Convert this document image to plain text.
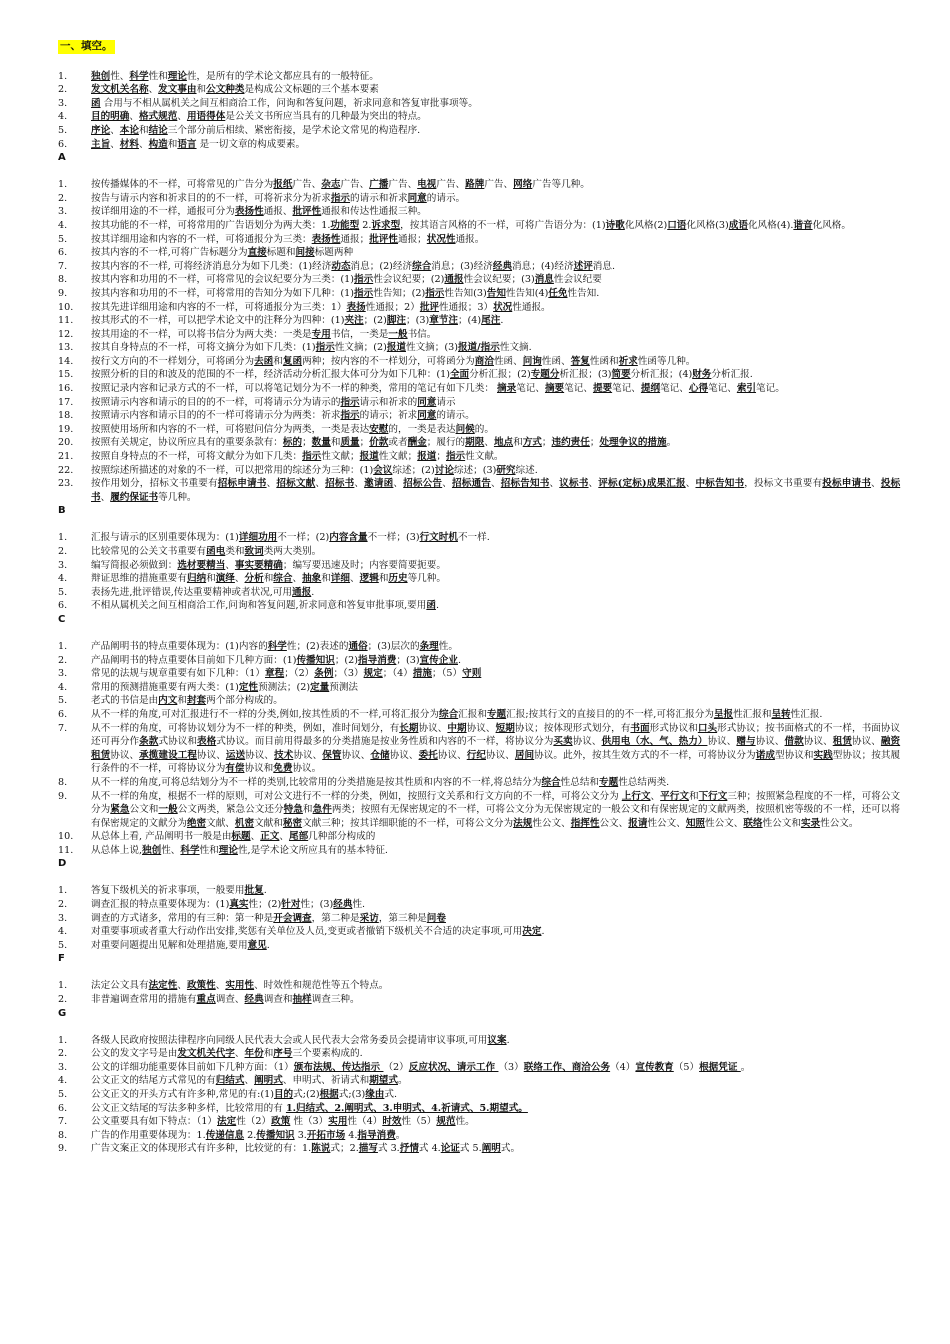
一、填空。
1.	独创性、科学性和理论性，是所有的学术论文都应具有的一般特征。
2.	发文机关名称、发文事由和公文种类是构成公文标题的三个基本要素
3.	函 合用与不相从属机关之间互相商洽工作，问询和答复问题，祈求同意和答复审批事项等。
4.	目的明确、格式规范、用语得体是公关文书所应当具有的几种最为突出的特点。
5.	序论、本论和结论三个部分前后相续、紧密衔接，是学术论文常见的构造程序.
6.	主旨、材料、构造和语言 是一切文章的构成要素。
A
1.	按传播媒体的不一样，可将常见的广告分为报纸广告、杂志广告、广播广告、电视广告、路牌广告、网络广告等几种。
2.	按告与请示内容和祈求目的的不一样，可将祈求分为祈求指示的请示和祈求同意的请示。
3.	按详细用途的不一样，通报可分为表扬性通报、批评性通报和传达性通报三种。
4.	按其功能的不一样，可将常用的广告语划分为两大类：1.功能型 2.诉求型，按其语言风格的不一样，可将广告语分为：(1)诗歌化风格(2)口语化风格(3)成语化风格(4).谐音化风格。
5.	按其详细用途和内容的不一样，可将通报分为三类：表扬性通报；批评性通报；状况性通报。
6.	按其内容的不一样,可将广告标题分为直接标题和间接标题两种
7.	按其内容的不一样, 可将经济消息分为如下几类：(1)经济动态消息；(2)经济综合消息；(3)经济经典消息；(4)经济述评消息.
8.	按其内容和功用的不一样，可将常见的会议纪要分为三类：(1)指示性会议纪要；(2)通报性会议纪要；(3)消息性会议纪要
9.	按其内容和功用的不一样，可将常用的告知分为如下几种：(1)指示性告知；(2)指示性告知(3)告知性告知(4)任免性告知.
10.	按其先进详细用途和内容的不一样，可将通报分为三类：1）表扬性通报；2）批评性通报；3）状况性通报。
11.	按其形式的不一样，可以把学术论文中的注释分为四种：(1)夹注；(2)脚注；(3)章节注；(4)尾注.
12.	按其用途的不一样，可以将书信分为两大类：一类是专用书信，一类是一般书信。
13.	按其自身特点的不一样，可将文摘分为如下几类：(1)指示性文摘；(2)报道性文摘；(3)报道/指示性文摘.
14.	按行文方向的不一样划分，可将函分为去函和复函两种；按内容的不一样划分，可将函分为商洽性函、问询性函、答复性函和祈求性函等几种。
15.	按照分析的目的和波及的范围的不一样，经济活动分析汇报大体可分为如下几种：(1)全面分析汇报；(2)专题分析汇报；(3)简要分析汇报；(4)财务分析汇报.
16.	按照记录内容和记录方式的不一样，可以将笔记划分为不一样的种类，常用的笔记有如下几类： 摘录笔记、摘要笔记、提要笔记、提纲笔记、心得笔记、索引笔记。
17.	按照请示内容和请示的目的的不一样，可将请示分为请示的指示请示和祈求的同意请示
18.	按照请示内容和请示目的的不一样可将请示分为两类：祈求指示的请示；祈求同意的请示。
19.	按照使用场所和内容的不一样，可将慰问信分为两类，一类是表达安慰的，一类是表达问候的。
20.	按照有关规定，协议所应具有的重要条款有：标的；数量和质量；价款或者酬金；履行的期限、地点和方式；违约责任；处理争议的措施。
21.	按照自身特点的不一样，可将文献分为如下几类：指示性文献；报道性文献；报道；指示性文献。
22.	按照综述所描述的对象的不一样，可以把常用的综述分为三种：(1)会议综述；(2)讨论综述；(3)研究综述.
23.	按作用划分，招标文书重要有招标申请书、招标文献、招标书、邀请函、招标公告、招标通告、招标告知书、议标书、评标(定标)成果汇报、中标告知书，投标文书重要有投标申请书、投标书、履约保证书等几种。
B
1.	汇报与请示的区别重要体现为：(1)详细功用不一样；(2)内容含量不一样；(3)行文时机不一样.
2.	比较常见的公关文书重要有函电类和致词类两大类别。
3.	编写简报必须做到：选材要精当、事实要精确；编写要迅速及时；内容要简要扼要。
4.	辩证思维的措施重要有归纳和演绎、分析和综合、抽象和详细、逻辑和历史等几种。
5.	表扬先进,批评错误,传达重要精神或者状况,可用通报.
6.	不相从属机关之间互相商洽工作,问询和答复问题,祈求同意和答复审批事项,要用函.
C
1.	产品阐明书的特点重要体现为：(1)内容的科学性；(2)表述的通俗；(3)层次的条理性。
2.	产品阐明书的特点重要体目前如下几种方面：(1)传播知识；(2)指导消费；(3)宣传企业.
3.	常见的法规与规章重要有如下几种：（1）章程；（2）条例；（3）规定；（4）措施；（5）守则
4.	常用的预测措施重要有两大类：(1)定性预测法；(2)定量预测法
5.	老式的书信是由内文和封套两个部分构成的。
6.	从不一样的角度,可对汇报进行不一样的分类,例如,按其性质的不一样,可将汇报分为综合汇报和专题汇报;按其行文的直接目的的不一样,可将汇报分为呈报性汇报和呈转性汇报.
7.	从不一样的角度，可将协议划分为不一样的种类，例如，准时间划分，有长期协议、中期协议、短期协议；按体现形式划分，有书面形式协议和口头形式协议；按书面格式的不一样，书面协议还可再分作条款式协议和表格式协议。而目前用得最多的分类措施是按业务性质和内容的不一样，将协议分为买卖协议、供用电（水、气、热力）协议、赠与协议、借款协议、租赁协议、融资租赁协议、承揽建设工程协议、运送协议、技术协议、保管协议、仓储协议、委托协议、行纪协议、居间协议。此外，按其生效方式的不一样，可将协议分为诺成型协议和实践型协议；按其履行条件的不一样，可将协议分为有偿协议和免费协议。
8.	从不一样的角度,可将总结划分为不一样的类别,比较常用的分类措施是按其性质和内容的不一样,将总结分为综合性总结和专题性总结两类.
9.	从不一样的角度，根据不一样的原则，可对公文进行不一样的分类，例如，按照行文关系和行文方向的不一样，可将公文分为 上行文、平行文和下行文三种；按照紧急程度的不一样，可将公文分为紧急公文和一般公文两类，紧急公文还分特急和急件两类；按照有无保密规定的不一样，可将公文分为无保密规定的一般公文和有保密规定的文献两类，按照机密等级的不一样，还可以将有保密规定的文献分为绝密文献、机密文献和秘密文献三种；按其详细职能的不一样，可将公文分为法规性公文、指挥性公文、报请性公文、知照性公文、联络性公文和实录性公文。
10.	从总体上看, 产品阐明书一般是由标题、正文、尾部几种部分构成的
11.	从总体上说,独创性、科学性和理论性,是学术论文所应具有的基本特征.
D
1.	答复下级机关的祈求事项，一般要用批复.
2.	调查汇报的特点重要体现为：(1)真实性；(2)针对性；(3)经典性.
3.	调查的方式诸多，常用的有三种：第一种是开会调查，第二种是采访，第三种是问卷
4.	对重要事项或者重大行动作出安排,奖惩有关单位及人员,变更或者撤销下级机关不合适的决定事项,可用决定.
5.	对重要问题提出见解和处理措施,要用意见.
F
1.	法定公文具有法定性、政策性、实用性、时效性和规范性等五个特点。
2.	非普遍调查常用的措施有重点调查、经典调查和抽样调查三种。
G
1.	各级人民政府按照法律程序向同级人民代表大会或人民代表大会常务委员会提请审议事项,可用议案.
2.	公文的发文字号是由发文机关代字、年份和序号三个要素构成的.
3.	公文的详细功能重要体目前如下几种方面：（1）颁布法规、传达指示 （2）反应状况、请示工作 （3）联络工作、商洽公务（4）宣传教育（5）根据凭证 。
4.	公文正文的结尾方式常见的有归结式、阐明式、申明式、祈请式和期望式。
5.	公文正文的开头方式有许多种,常见的有:(1)目的式;(2)根据式;(3)缘由式.
6.	公文正文结尾的写法多种多样，比较常用的有 1.归结式、2.阐明式、3.申明式、4.祈请式、5.期望式。
7.	公文重要具有如下特点：（1）法定性（2）政策 性（3）实用性（4）时效性（5）规范性。
8.	广告的作用重要体现为：1.传递信息 2.传播知识 3.开拓市场 4.指导消费。
9.	广告文案正文的体现形式有许多种，比较觉的有：1.陈说式；2.描写式 3.抒情式 4.论证式 5.阐明式。
